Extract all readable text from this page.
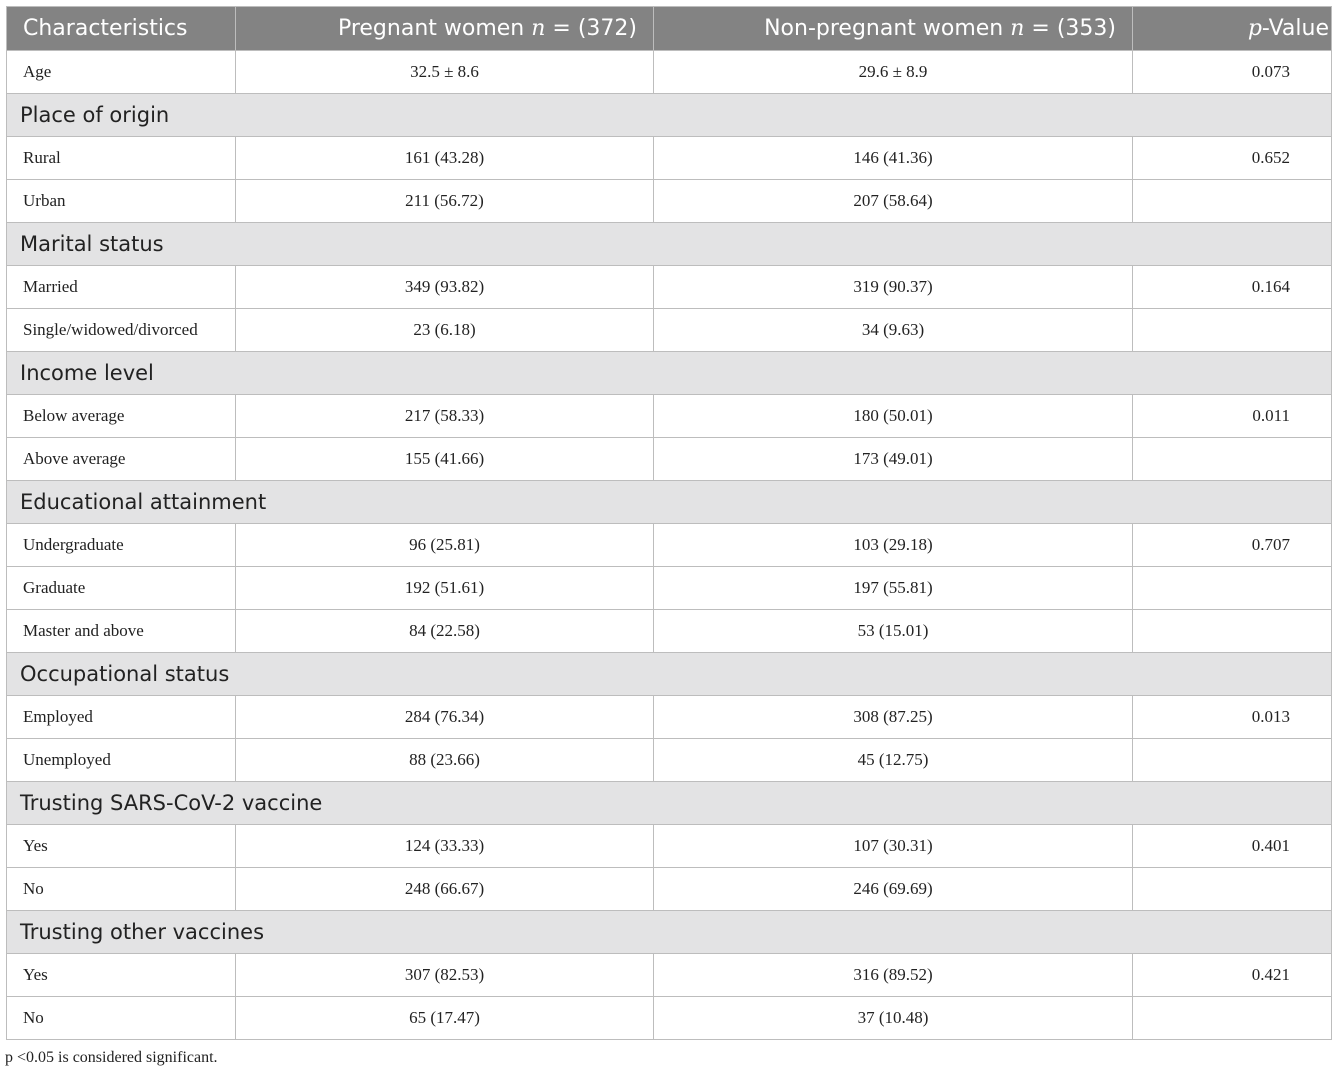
Characteristics	Pregnant women n = (372)	Non-pregnant women n = (353)	p-Value
Age	32.5 ± 8.6	29.6 ± 8.9	0.073
Place of origin			
Rural	161 (43.28)	146 (41.36)	0.652
Urban	211 (56.72)	207 (58.64)	
Marital status			
Married	349 (93.82)	319 (90.37)	0.164
Single/widowed/divorced	23 (6.18)	34 (9.63)	
Income level			
Below average	217 (58.33)	180 (50.01)	0.011
Above average	155 (41.66)	173 (49.01)	
Educational attainment			
Undergraduate	96 (25.81)	103 (29.18)	0.707
Graduate	192 (51.61)	197 (55.81)	
Master and above	84 (22.58)	53 (15.01)	
Occupational status			
Employed	284 (76.34)	308 (87.25)	0.013
Unemployed	88 (23.66)	45 (12.75)	
Trusting SARS-CoV-2 vaccine			
Yes	124 (33.33)	107 (30.31)	0.401
No	248 (66.67)	246 (69.69)	
Trusting other vaccines			
Yes	307 (82.53)	316 (89.52)	0.421
No	65 (17.47)	37 (10.48)	
p <0.05 is considered significant.
